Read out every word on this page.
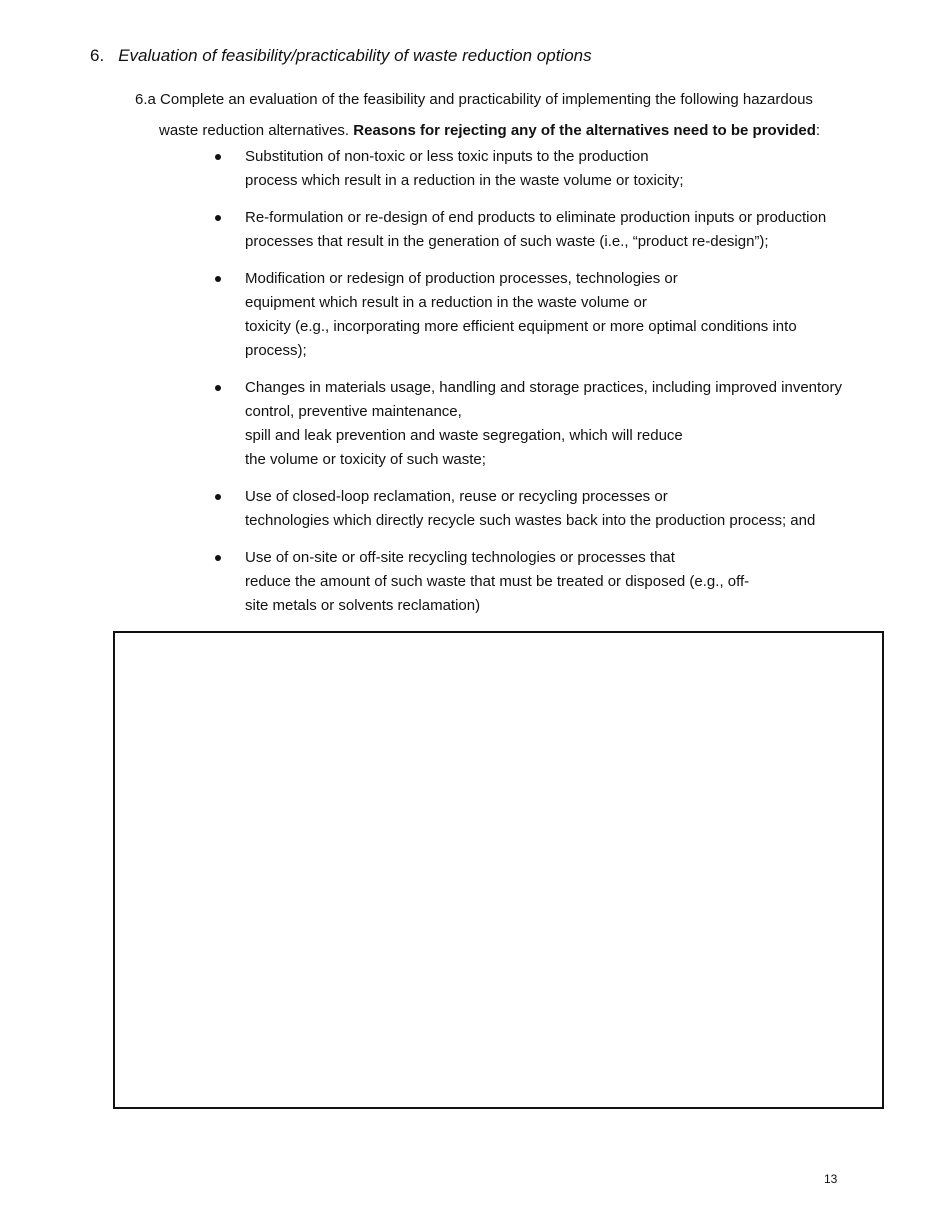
6. Evaluation of feasibility/practicability of waste reduction options
6.a Complete an evaluation of the feasibility and practicability of implementing the following hazardous
waste reduction alternatives. Reasons for rejecting any of the alternatives need to be provided:
Substitution of non-toxic or less toxic inputs to the production
process which result in a reduction in the waste volume or toxicity;
Re-formulation or re-design of end products to eliminate production inputs or production
processes that result in the generation of such waste (i.e., “product re-design”);
Modification or redesign of production processes, technologies or
equipment which result in a reduction in the waste volume or
toxicity (e.g., incorporating more efficient equipment or more optimal conditions into
process);
Changes in materials usage, handling and storage practices, including improved inventory
control, preventive maintenance,
spill and leak prevention and waste segregation, which will reduce
the volume or toxicity of such waste;
Use of closed-loop reclamation, reuse or recycling processes or
technologies which directly recycle such wastes back into the production process; and
Use of on-site or off-site recycling technologies or processes that
reduce the amount of such waste that must be treated or disposed (e.g., off-
site metals or solvents reclamation)
13
